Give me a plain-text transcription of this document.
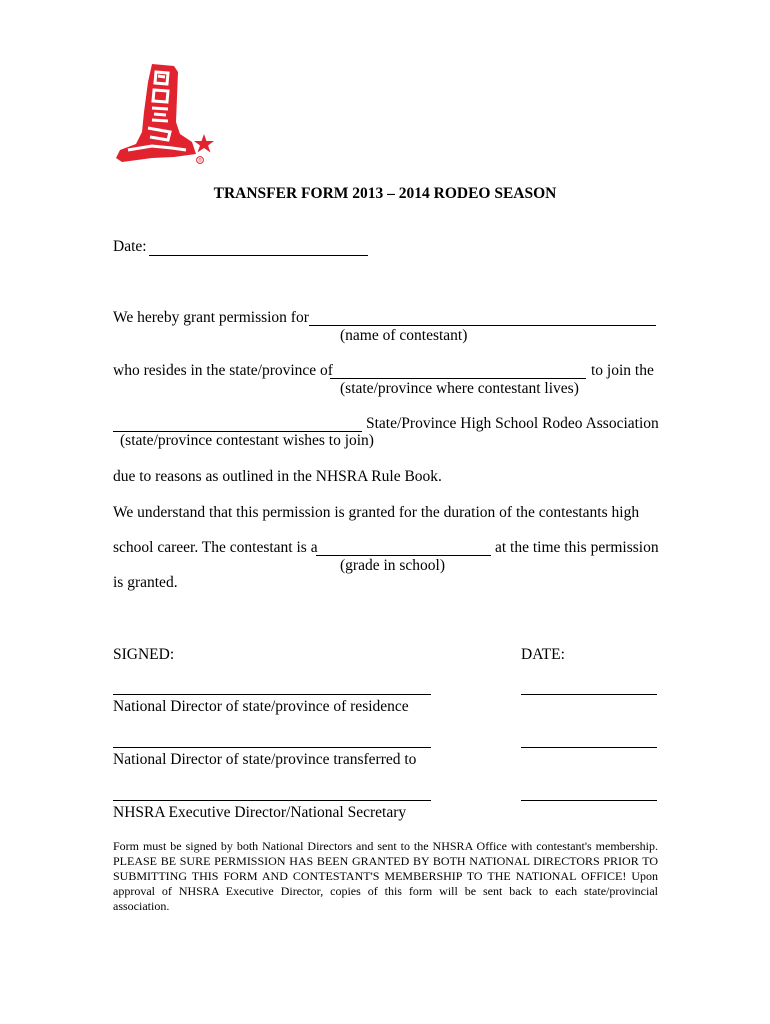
®
TRANSFER FORM 2013 – 2014 RODEO SEASON
Date:
We hereby grant permission for
(name of contestant)
who resides in the state/province of	to join the
(state/province where contestant lives)
State/Province High School Rodeo Association
(state/province contestant wishes to join)
due to reasons as outlined in the NHSRA Rule Book.
We understand that this permission is granted for the duration of the contestants high
school career. The contestant is a	at the time this permission
(grade in school)
is granted.
SIGNED:	DATE:
National Director of state/province of residence
National Director of state/province transferred to
NHSRA Executive Director/National Secretary
Form must be signed by both National Directors and sent to the NHSRA Office with contestant's membership. PLEASE BE SURE PERMISSION HAS BEEN GRANTED BY BOTH NATIONAL DIRECTORS PRIOR TO SUBMITTING THIS FORM AND CONTESTANT'S MEMBERSHIP TO THE NATIONAL OFFICE! Upon approval of NHSRA Executive Director, copies of this form will be sent back to each state/provincial association.
